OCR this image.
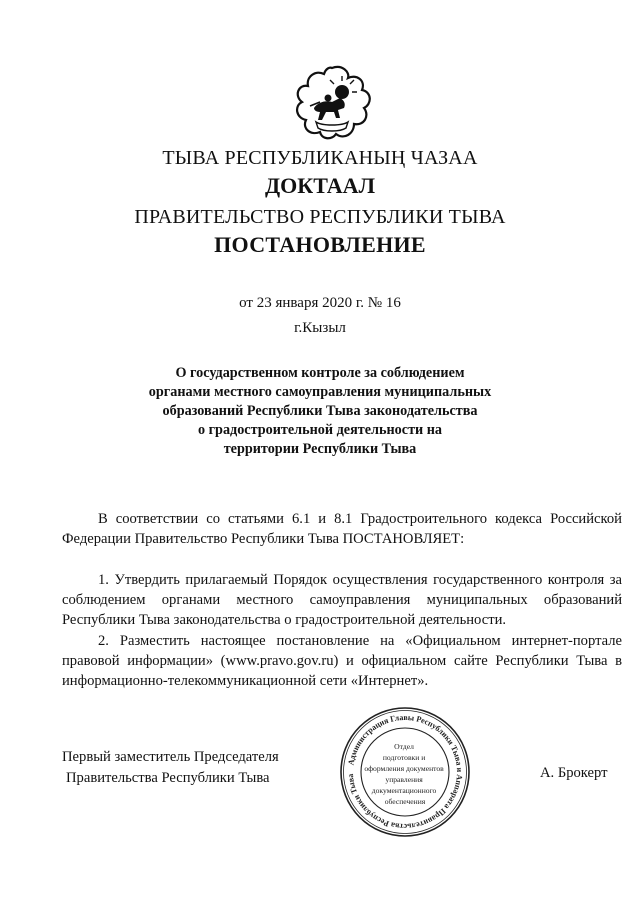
ТЫВА РЕСПУБЛИКАНЫҢ ЧАЗАА
ДОКТААЛ
ПРАВИТЕЛЬСТВО РЕСПУБЛИКИ ТЫВА
ПОСТАНОВЛЕНИЕ
от 23 января 2020 г. № 16
г.Кызыл
О государственном контроле за соблюдением
органами местного самоуправления муниципальных
образований Республики Тыва законодательства
о градостроительной деятельности на
территории Республики Тыва
В соответствии со статьями 6.1 и 8.1 Градостроительного кодекса Российской Федерации Правительство Республики Тыва ПОСТАНОВЛЯЕТ:
1. Утвердить прилагаемый Порядок осуществления государственного контроля за соблюдением органами местного самоуправления муниципальных образований Республики Тыва законодательства о градостроительной деятельности.
2. Разместить настоящее постановление на «Официальном интернет-портале правовой информации» (www.pravo.gov.ru) и официальном сайте Республики Тыва в информационно-телекоммуникационной сети «Интернет».
Первый заместитель Председателя
Правительства Республики Тыва
Администрация Главы Республики Тыва и Аппарата Правительства Республики Тыва
Отдел подготовки и оформления документов управления документационного обеспечения
А. Брокерт
